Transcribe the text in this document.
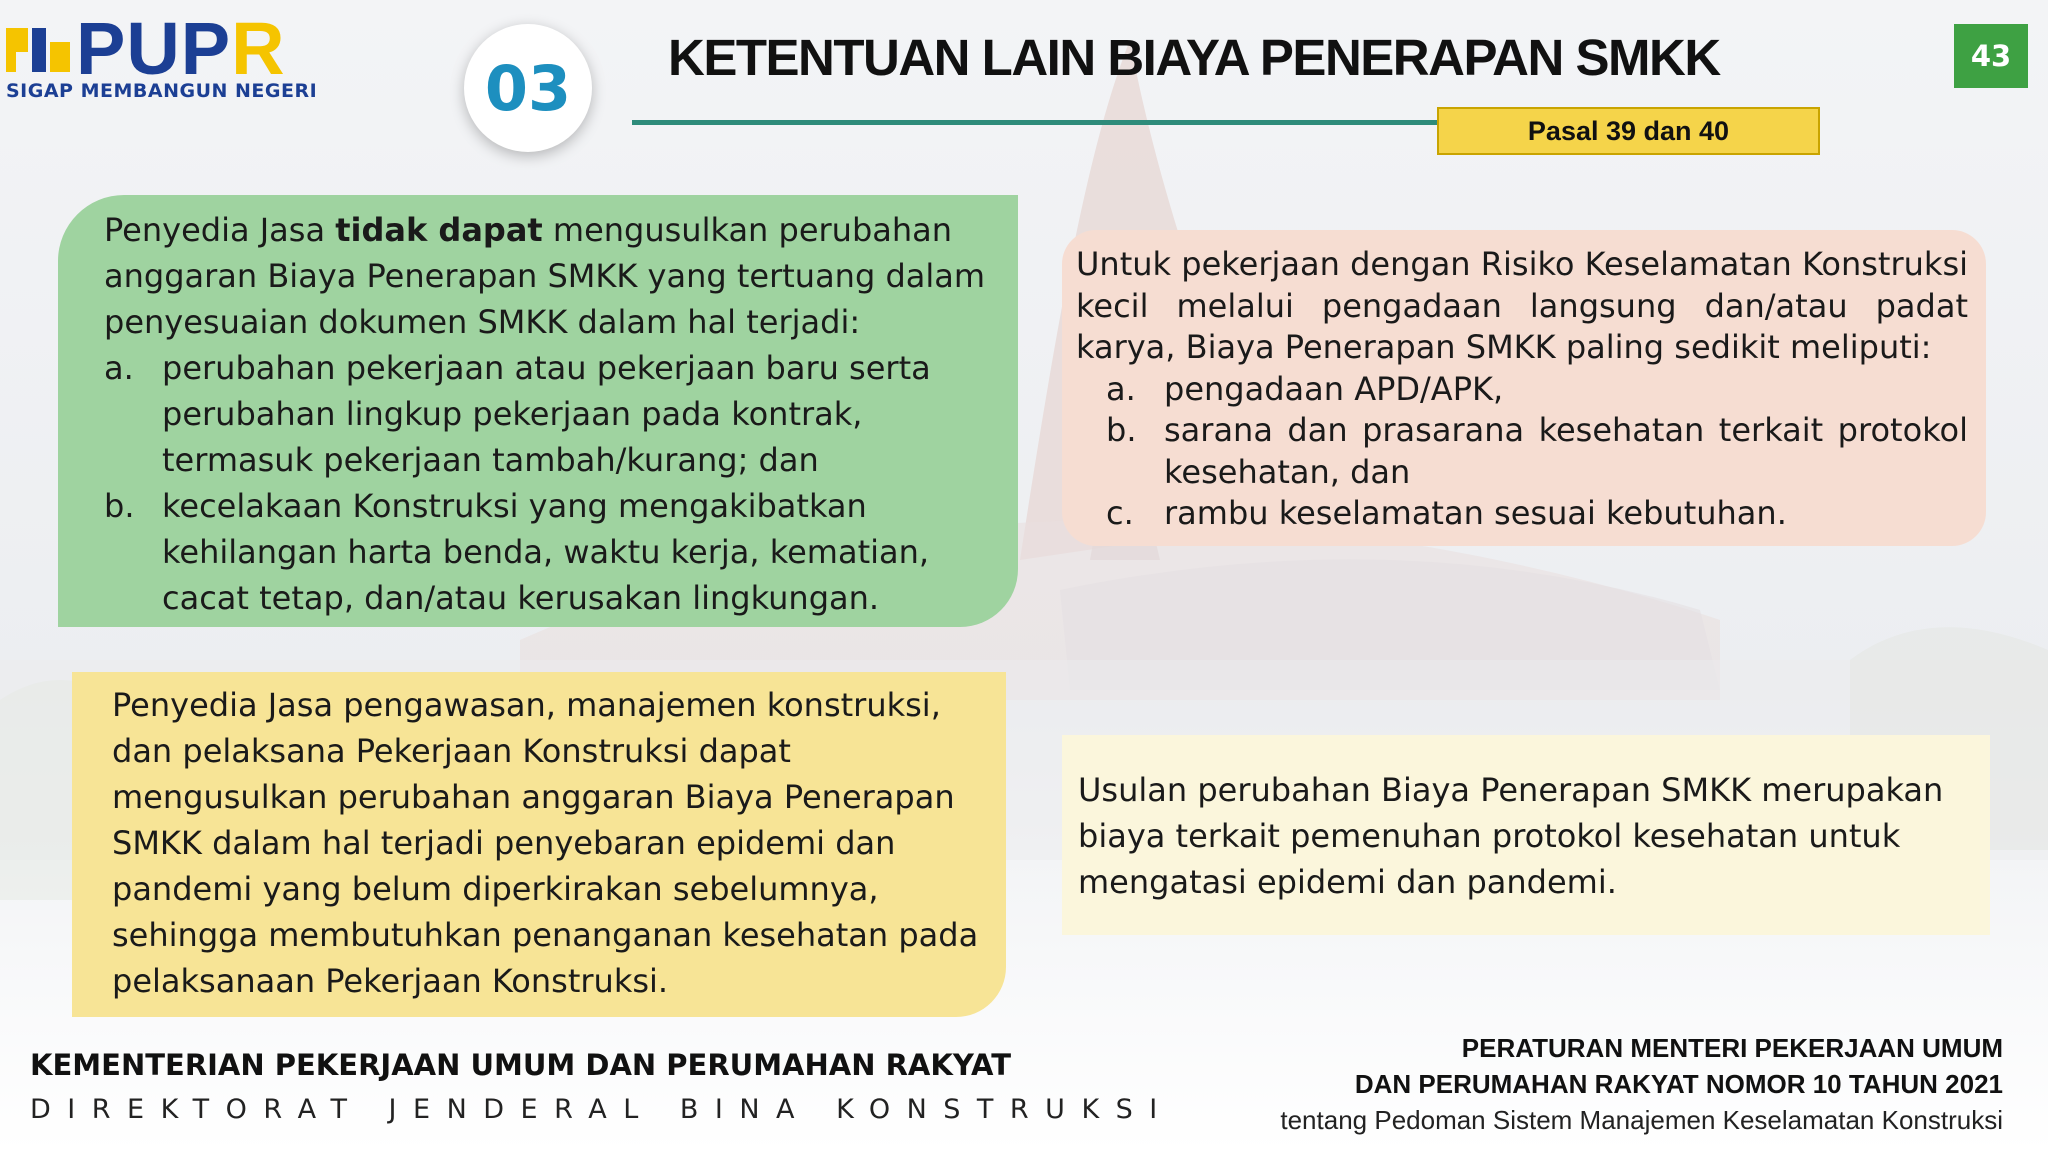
PUPR
SIGAP MEMBANGUN NEGERI	03 KETENTUAN LAIN BIAYA PENERAPAN SMKK
Pasal 39 dan 40
43
Penyedia Jasa tidak dapat mengusulkan perubahan anggaran Biaya Penerapan SMKK yang tertuang dalam penyesuaian dokumen SMKK dalam hal terjadi:
a. perubahan pekerjaan atau pekerjaan baru serta perubahan lingkup pekerjaan pada kontrak, termasuk pekerjaan tambah/kurang; dan
b. kecelakaan Konstruksi yang mengakibatkan kehilangan harta benda, waktu kerja, kematian, cacat tetap, dan/atau kerusakan lingkungan.
Untuk pekerjaan dengan Risiko Keselamatan Konstruksi kecil melalui pengadaan langsung dan/atau padat karya, Biaya Penerapan SMKK paling sedikit meliputi:
a. pengadaan APD/APK,
b. sarana dan prasarana kesehatan terkait protokol kesehatan, dan
c. rambu keselamatan sesuai kebutuhan.
Penyedia Jasa pengawasan, manajemen konstruksi, dan pelaksana Pekerjaan Konstruksi dapat mengusulkan perubahan anggaran Biaya Penerapan SMKK dalam hal terjadi penyebaran epidemi dan pandemi yang belum diperkirakan sebelumnya, sehingga membutuhkan penanganan kesehatan pada pelaksanaan Pekerjaan Konstruksi.
Usulan perubahan Biaya Penerapan SMKK merupakan biaya terkait pemenuhan protokol kesehatan untuk mengatasi epidemi dan pandemi.
KEMENTERIAN PEKERJAAN UMUM DAN PERUMAHAN RAKYAT
DIREKTORAT JENDERAL BINA KONSTRUKSI
PERATURAN MENTERI PEKERJAAN UMUM
DAN PERUMAHAN RAKYAT NOMOR 10 TAHUN 2021
tentang Pedoman Sistem Manajemen Keselamatan Konstruksi
